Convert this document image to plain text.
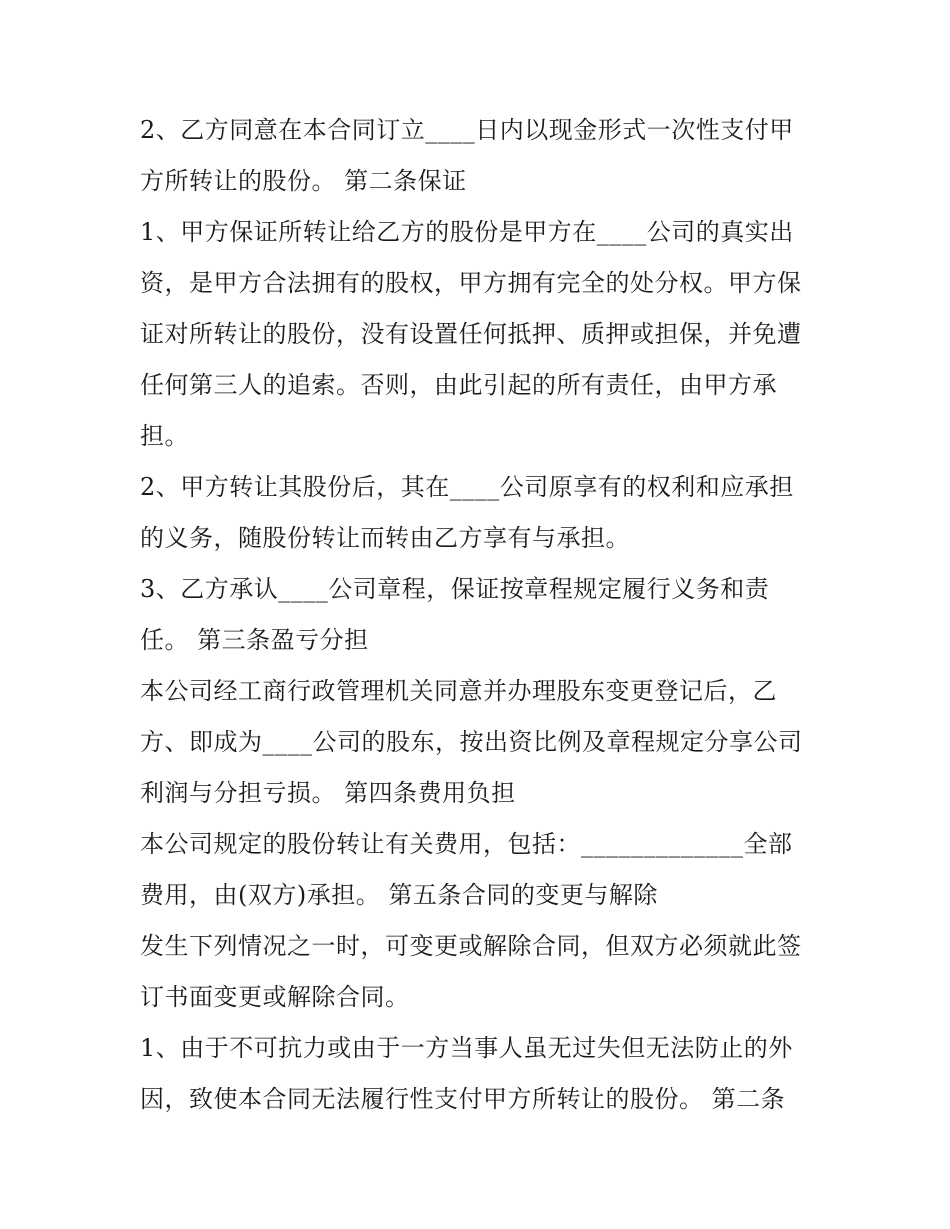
2、乙方同意在本合同订立____日内以现金形式一次性支付甲
方所转让的股份。 第二条保证
1、甲方保证所转让给乙方的股份是甲方在____公司的真实出
资，是甲方合法拥有的股权，甲方拥有完全的处分权。甲方保
证对所转让的股份，没有设置任何抵押、质押或担保，并免遭
任何第三人的追索。否则，由此引起的所有责任，由甲方承
担。
2、甲方转让其股份后，其在____公司原享有的权利和应承担
的义务，随股份转让而转由乙方享有与承担。
3、乙方承认____公司章程，保证按章程规定履行义务和责
任。 第三条盈亏分担
本公司经工商行政管理机关同意并办理股东变更登记后，乙
方、即成为____公司的股东，按出资比例及章程规定分享公司
利润与分担亏损。 第四条费用负担
本公司规定的股份转让有关费用，包括：_____________全部
费用，由(双方)承担。 第五条合同的变更与解除
发生下列情况之一时，可变更或解除合同，但双方必须就此签
订书面变更或解除合同。
1、由于不可抗力或由于一方当事人虽无过失但无法防止的外
因，致使本合同无法履行性支付甲方所转让的股份。 第二条
